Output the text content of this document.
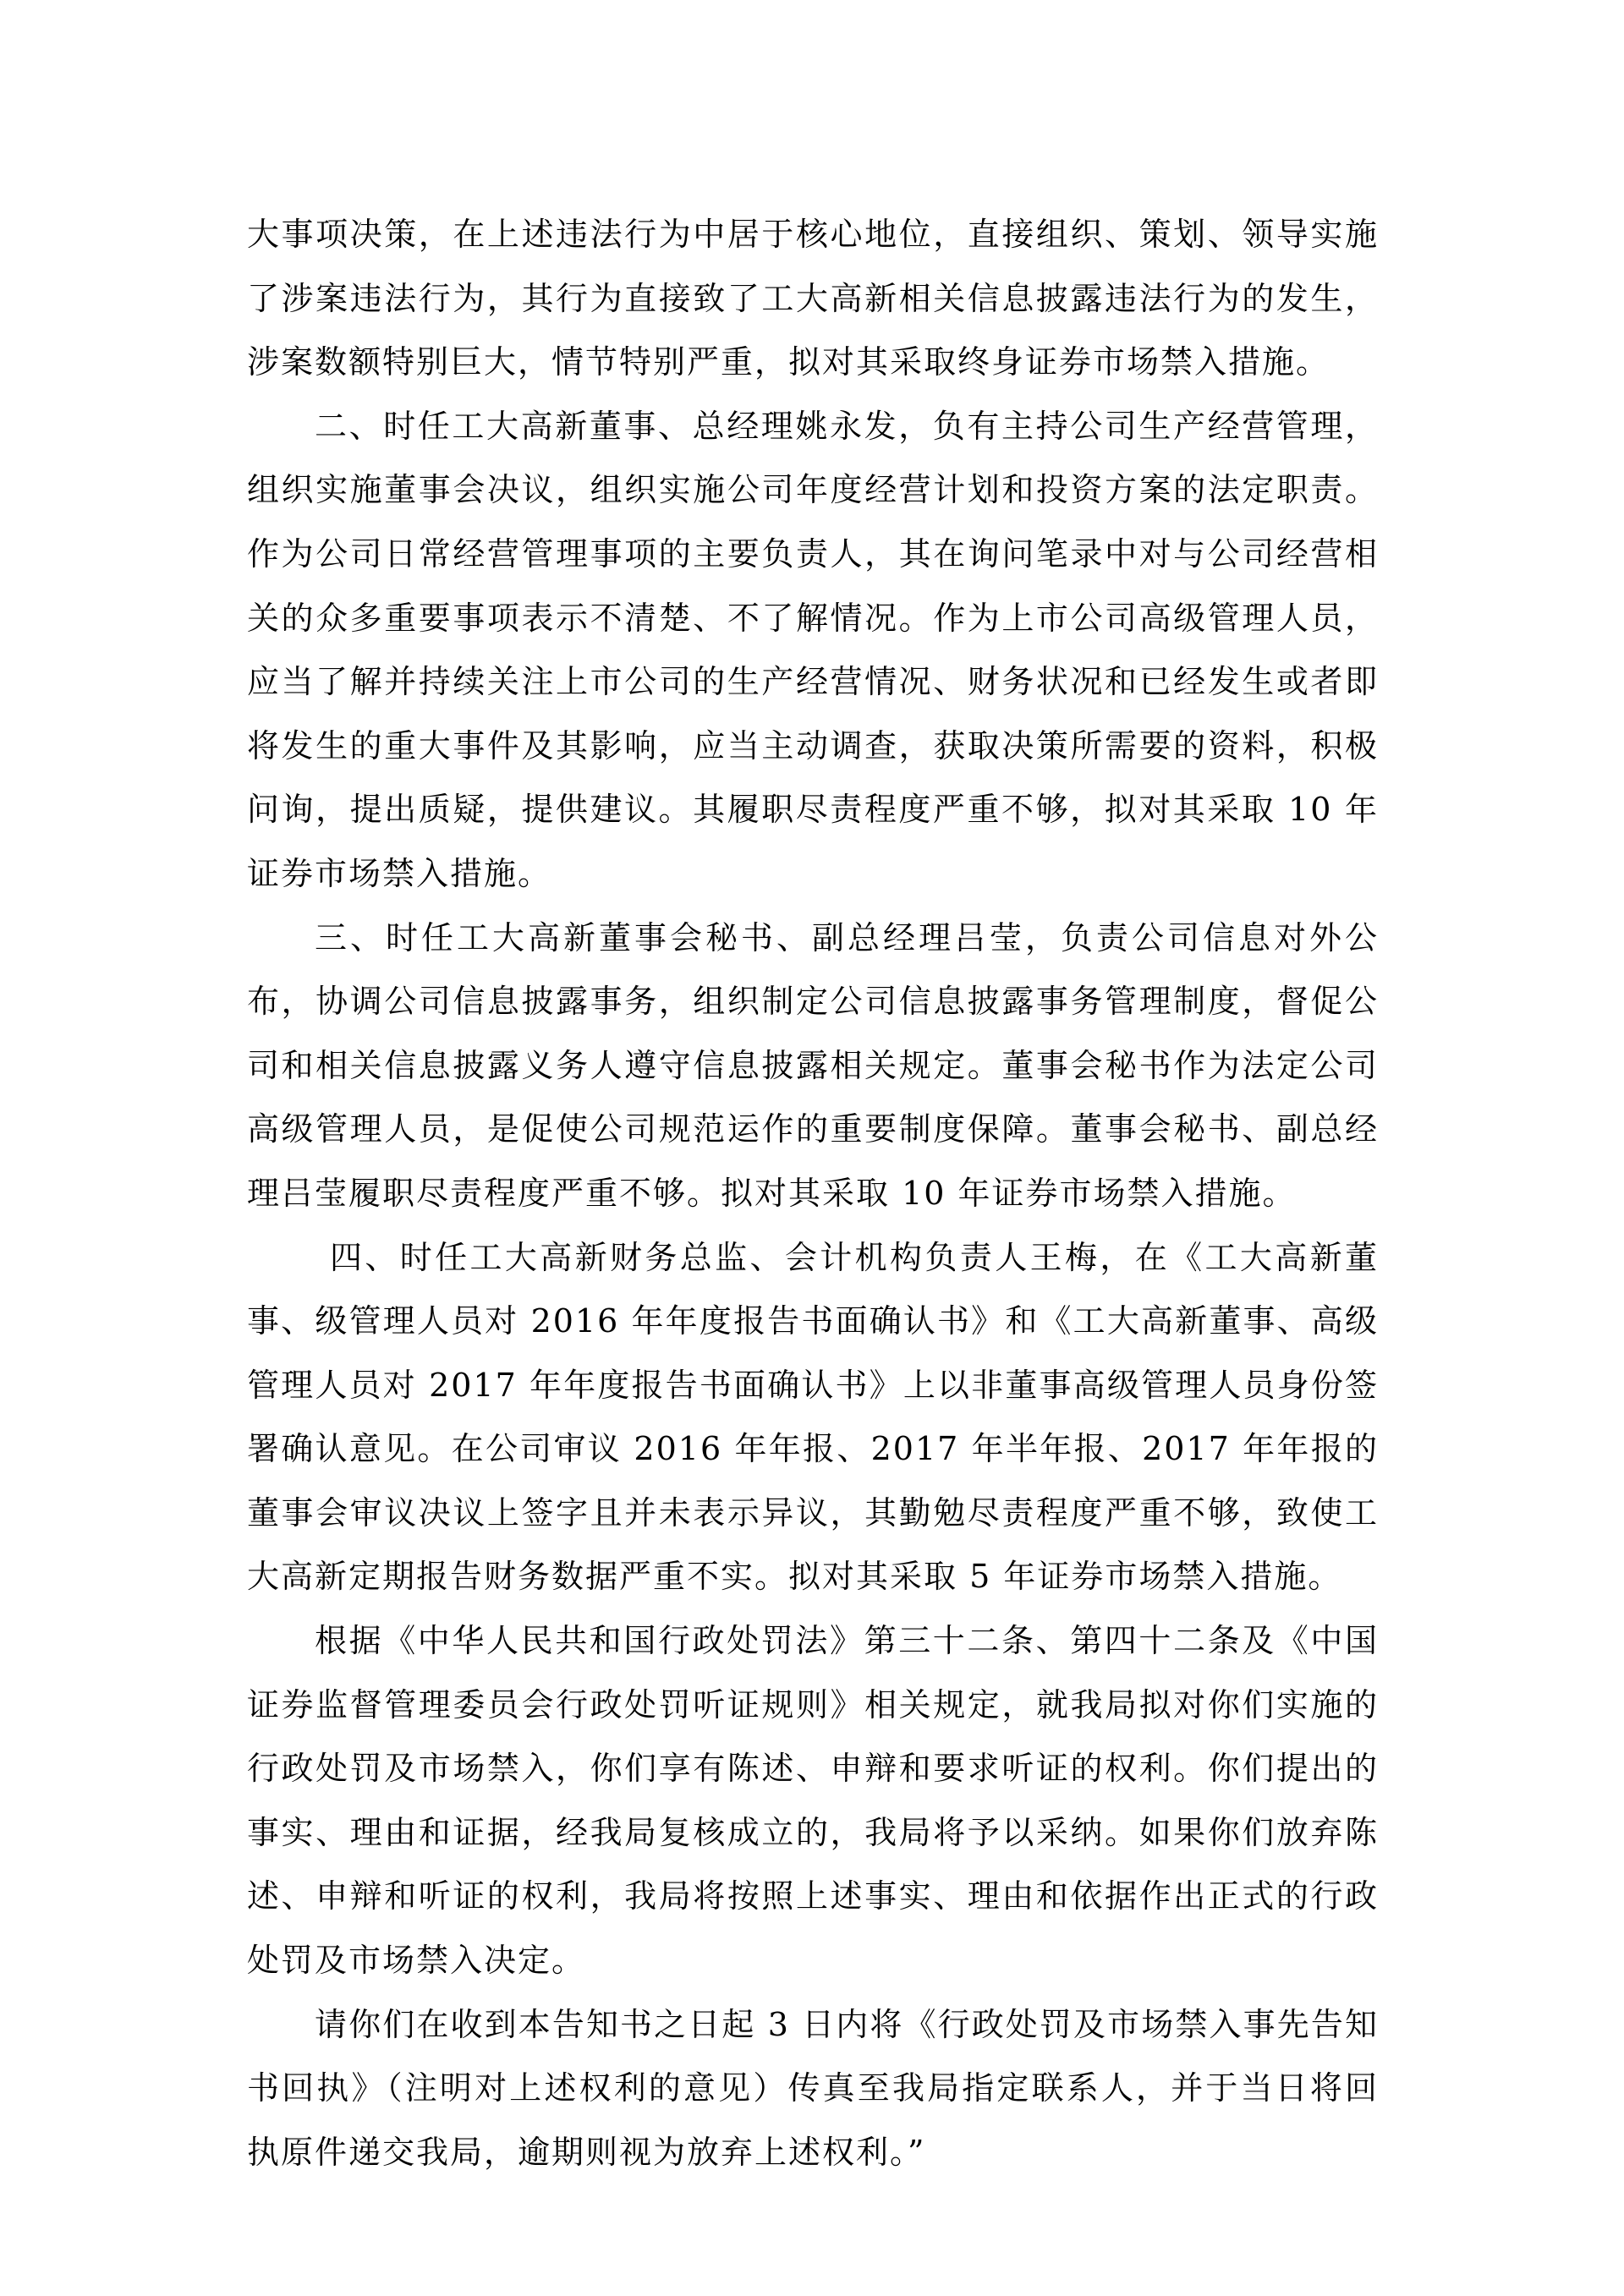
大事项决策，在上述违法行为中居于核心地位，直接组织、策划、领导实施了涉案违法行为，其行为直接致了工大高新相关信息披露违法行为的发生，涉案数额特别巨大，情节特别严重，拟对其采取终身证券市场禁入措施。

二、时任工大高新董事、总经理姚永发，负有主持公司生产经营管理，组织实施董事会决议，组织实施公司年度经营计划和投资方案的法定职责。作为公司日常经营管理事项的主要负责人，其在询问笔录中对与公司经营相关的众多重要事项表示不清楚、不了解情况。作为上市公司高级管理人员，应当了解并持续关注上市公司的生产经营情况、财务状况和已经发生或者即将发生的重大事件及其影响，应当主动调查，获取决策所需要的资料，积极问询，提出质疑，提供建议。其履职尽责程度严重不够，拟对其采取 10 年证券市场禁入措施。

三、时任工大高新董事会秘书、副总经理吕莹，负责公司信息对外公布，协调公司信息披露事务，组织制定公司信息披露事务管理制度，督促公司和相关信息披露义务人遵守信息披露相关规定。董事会秘书作为法定公司高级管理人员，是促使公司规范运作的重要制度保障。董事会秘书、副总经理吕莹履职尽责程度严重不够。拟对其采取 10 年证券市场禁入措施。

四、时任工大高新财务总监、会计机构负责人王梅，在《工大高新董事、级管理人员对 2016 年年度报告书面确认书》和《工大高新董事、高级管理人员对 2017 年年度报告书面确认书》上以非董事高级管理人员身份签署确认意见。在公司审议 2016 年年报、2017 年半年报、2017 年年报的董事会审议决议上签字且并未表示异议，其勤勉尽责程度严重不够，致使工大高新定期报告财务数据严重不实。拟对其采取 5 年证券市场禁入措施。

根据《中华人民共和国行政处罚法》第三十二条、第四十二条及《中国证券监督管理委员会行政处罚听证规则》相关规定，就我局拟对你们实施的行政处罚及市场禁入，你们享有陈述、申辩和要求听证的权利。你们提出的事实、理由和证据，经我局复核成立的，我局将予以采纳。如果你们放弃陈述、申辩和听证的权利，我局将按照上述事实、理由和依据作出正式的行政处罚及市场禁入决定。

请你们在收到本告知书之日起 3 日内将《行政处罚及市场禁入事先告知书回执》（注明对上述权利的意见）传真至我局指定联系人，并于当日将回执原件递交我局，逾期则视为放弃上述权利。”
